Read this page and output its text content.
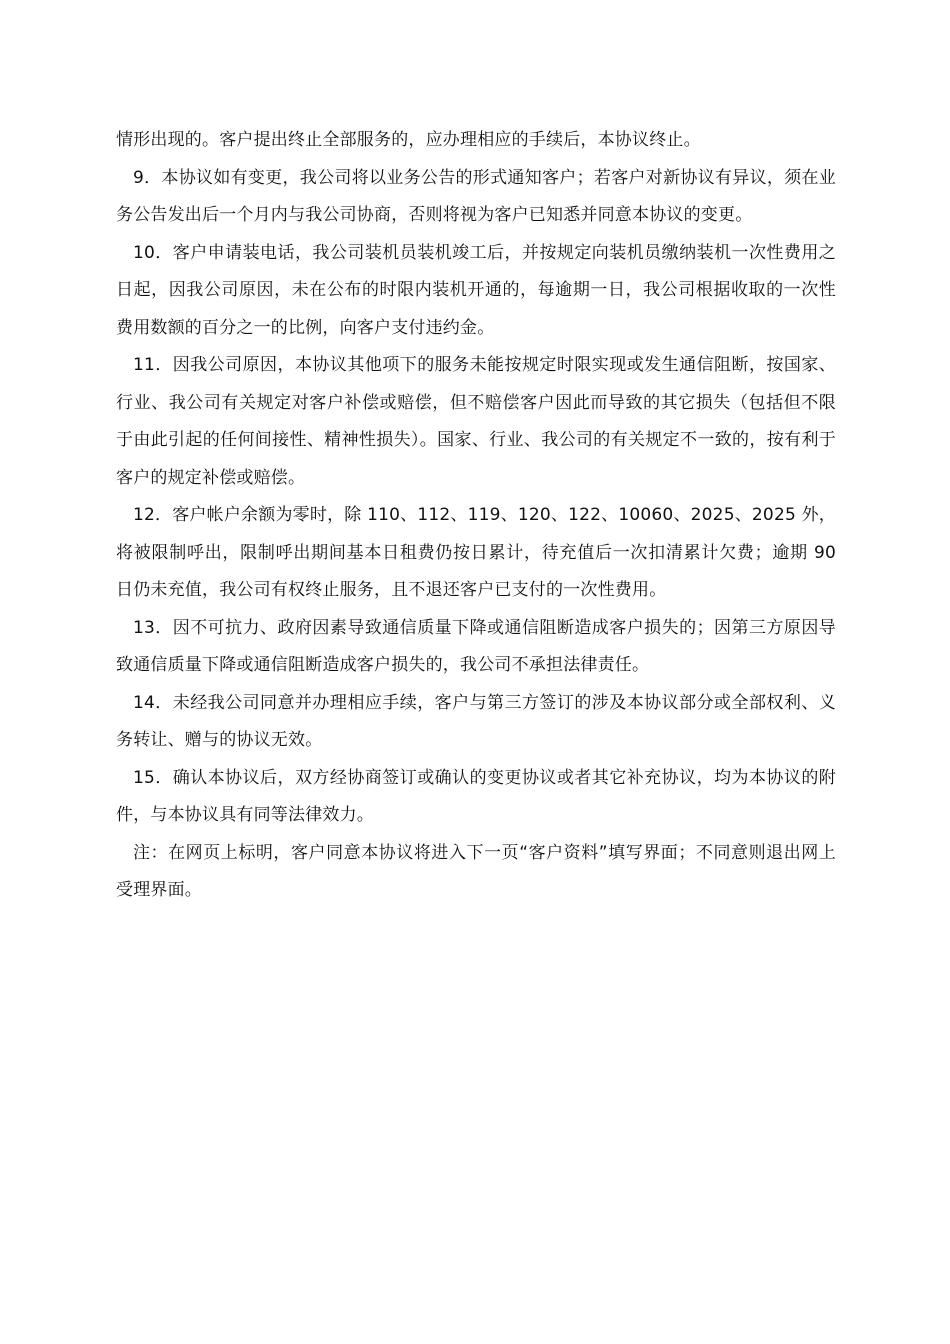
情形出现的。客户提出终止全部服务的，应办理相应的手续后，本协议终止。

9．本协议如有变更，我公司将以业务公告的形式通知客户；若客户对新协议有异议，须在业务公告发出后一个月内与我公司协商，否则将视为客户已知悉并同意本协议的变更。

10．客户申请装电话，我公司装机员装机竣工后，并按规定向装机员缴纳装机一次性费用之日起，因我公司原因，未在公布的时限内装机开通的，每逾期一日，我公司根据收取的一次性费用数额的百分之一的比例，向客户支付违约金。

11．因我公司原因，本协议其他项下的服务未能按规定时限实现或发生通信阻断，按国家、行业、我公司有关规定对客户补偿或赔偿，但不赔偿客户因此而导致的其它损失（包括但不限于由此引起的任何间接性、精神性损失）。国家、行业、我公司的有关规定不一致的，按有利于客户的规定补偿或赔偿。

12．客户帐户余额为零时，除 110、112、119、120、122、10060、2025、2025 外，将被限制呼出，限制呼出期间基本日租费仍按日累计，待充值后一次扣清累计欠费；逾期 90 日仍未充值，我公司有权终止服务，且不退还客户已支付的一次性费用。

13．因不可抗力、政府因素导致通信质量下降或通信阻断造成客户损失的；因第三方原因导致通信质量下降或通信阻断造成客户损失的，我公司不承担法律责任。

14．未经我公司同意并办理相应手续，客户与第三方签订的涉及本协议部分或全部权利、义务转让、赠与的协议无效。

15．确认本协议后，双方经协商签订或确认的变更协议或者其它补充协议，均为本协议的附件，与本协议具有同等法律效力。

注：在网页上标明，客户同意本协议将进入下一页“客户资料”填写界面；不同意则退出网上受理界面。
